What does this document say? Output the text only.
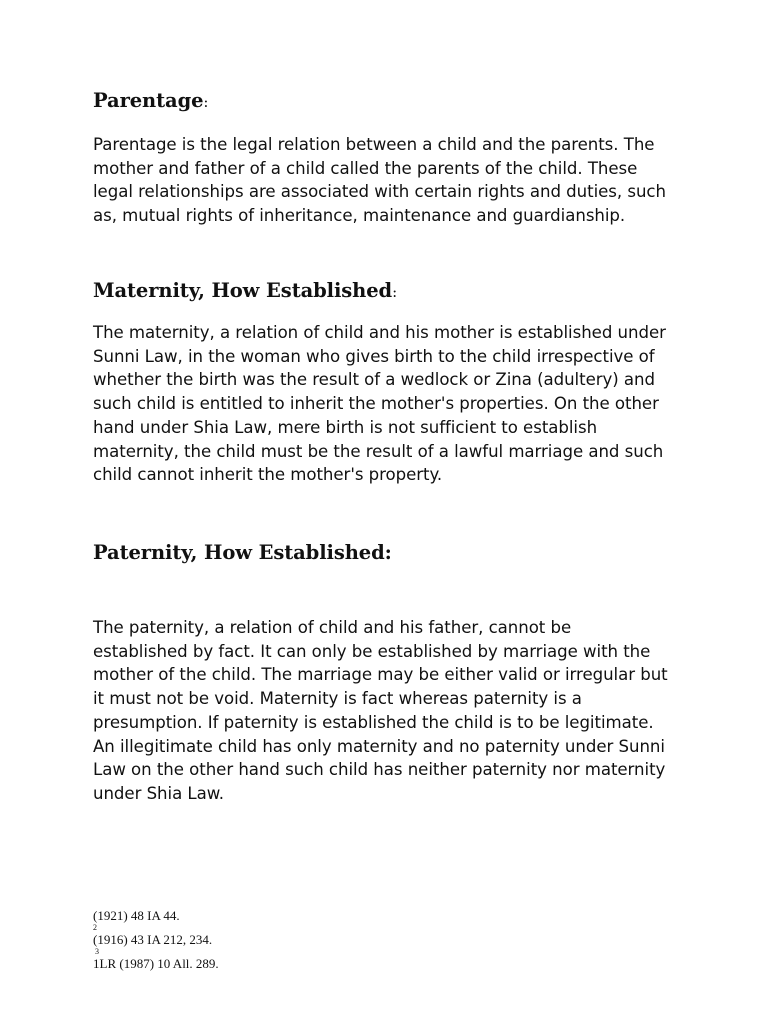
Parentage:

Parentage is the legal relation between a child and the parents. The
mother and father of a child called the parents of the child. These
legal relationships are associated with certain rights and duties, such
as, mutual rights of inheritance, maintenance and guardianship.

Maternity, How Established:

The maternity, a relation of child and his mother is established under
Sunni Law, in the woman who gives birth to the child irrespective of
whether the birth was the result of a wedlock or Zina (adultery) and
such child is entitled to inherit the mother's properties. On the other
hand under Shia Law, mere birth is not sufficient to establish
maternity, the child must be the result of a lawful marriage and such
child cannot inherit the mother's property.

Paternity, How Established:

The paternity, a relation of child and his father, cannot be
established by fact. It can only be established by marriage with the
mother of the child. The marriage may be either valid or irregular but
it must not be void. Maternity is fact whereas paternity is a
presumption. If paternity is established the child is to be legitimate.
An illegitimate child has only maternity and no paternity under Sunni
Law on the other hand such child has neither paternity nor maternity
under Shia Law.

(1921) 48 IA 44.
2
(1916) 43 IA 212, 234.
3
1LR (1987) 10 All. 289.
